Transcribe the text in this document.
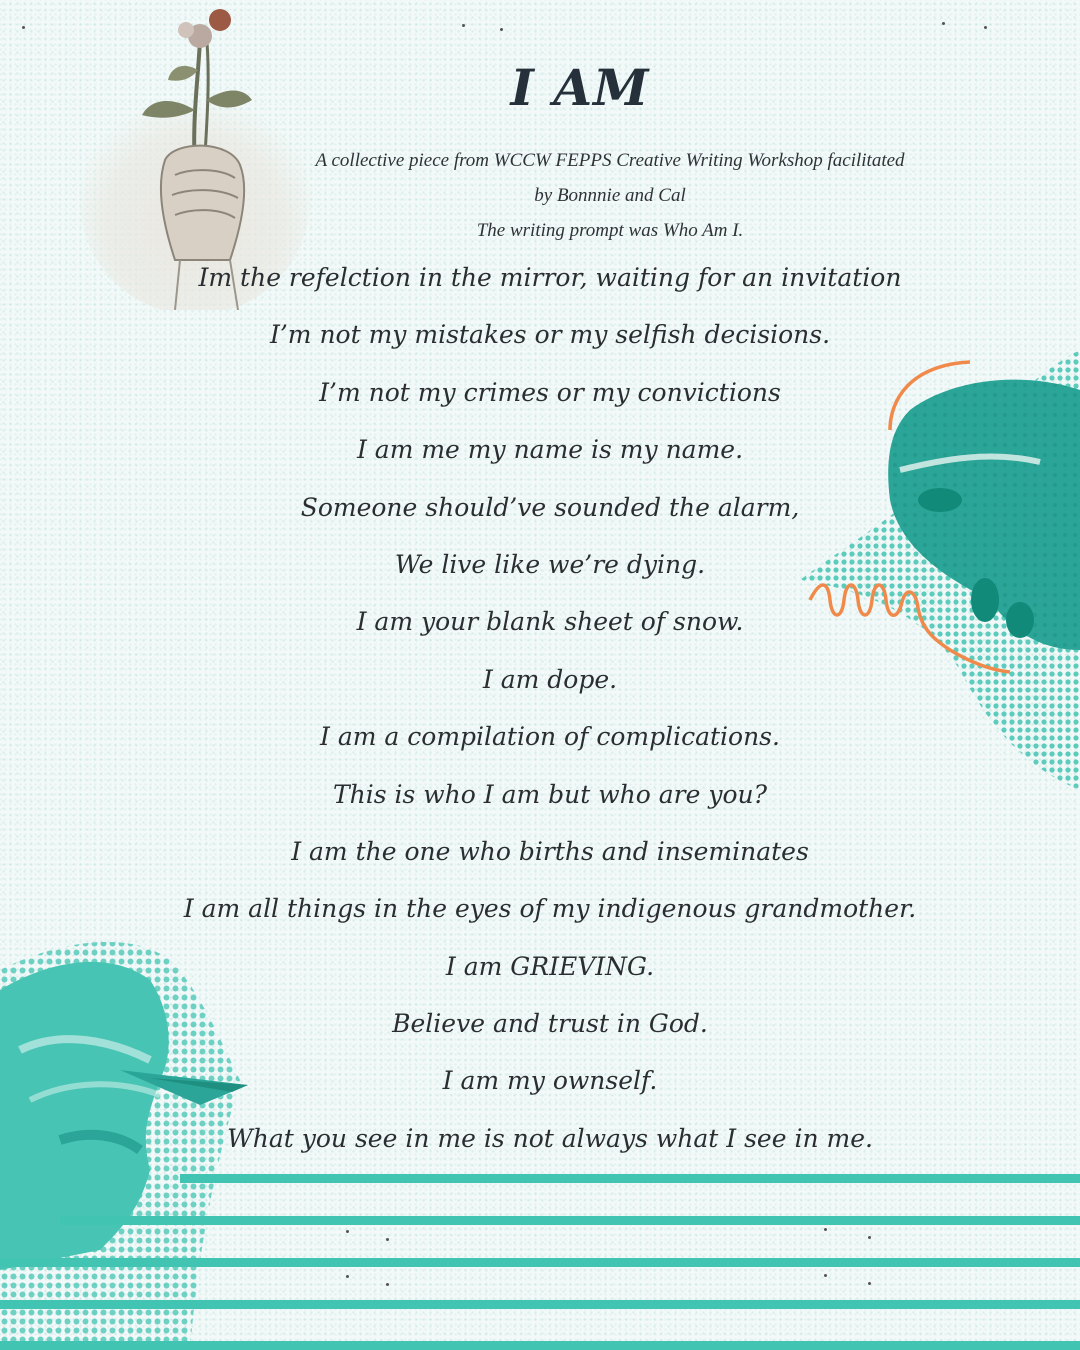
I AM

A collective piece from WCCW FEPPS Creative Writing Workshop facilitated

by Bonnnie and Cal

The writing prompt was Who Am I.

Im the refelction in the mirror, waiting for an invitation
I’m not my mistakes or my selfish decisions.
I’m not my crimes or my convictions
I am me my name is my name.
Someone should’ve sounded the alarm,
We live like we’re dying.
I am your blank sheet of snow.
I am dope.
I am a compilation of complications.
This is who I am but who are you?
I am the one who births and inseminates
I am all things in the eyes of my indigenous grandmother.
I am GRIEVING.
Believe and trust in God.
I am my ownself.
What you see in me is not always what I see in me.
